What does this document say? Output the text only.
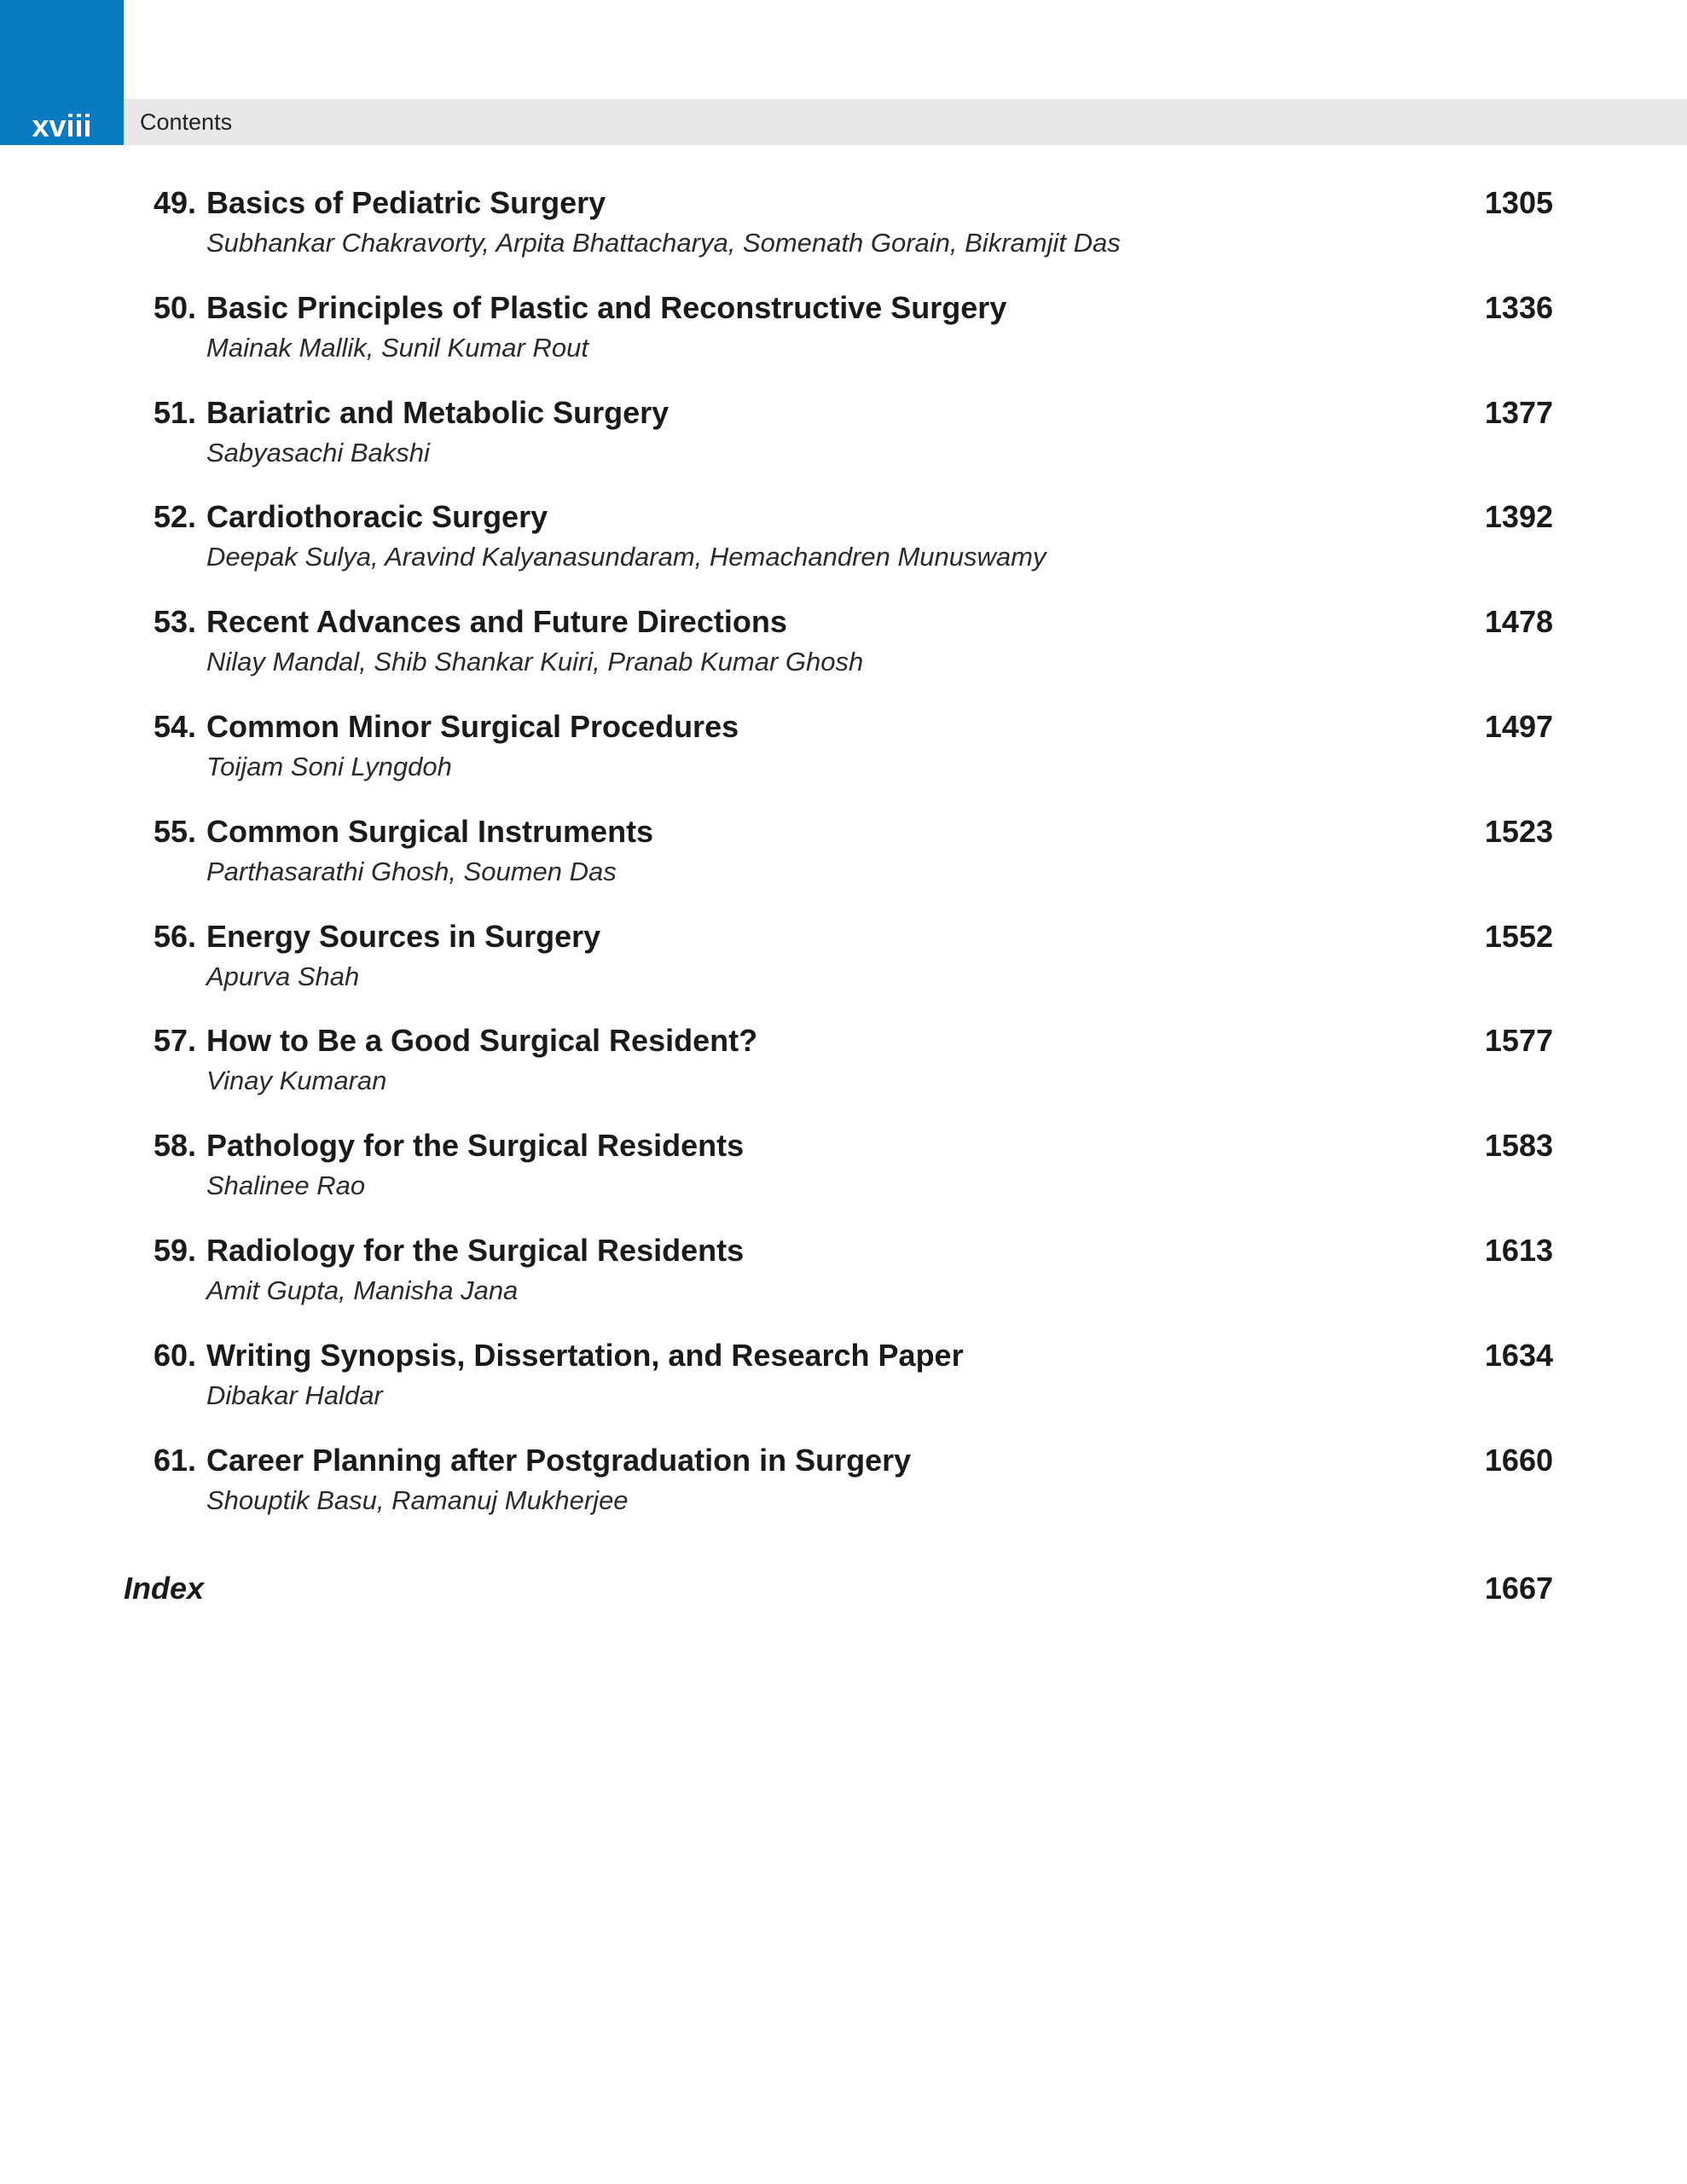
xviii	Contents
49. Basics of Pediatric Surgery	1305
Subhankar Chakravorty, Arpita Bhattacharya, Somenath Gorain, Bikramjit Das
50. Basic Principles of Plastic and Reconstructive Surgery	1336
Mainak Mallik, Sunil Kumar Rout
51. Bariatric and Metabolic Surgery	1377
Sabyasachi Bakshi
52. Cardiothoracic Surgery	1392
Deepak Sulya, Aravind Kalyanasundaram, Hemachandren Munuswamy
53. Recent Advances and Future Directions	1478
Nilay Mandal, Shib Shankar Kuiri, Pranab Kumar Ghosh
54. Common Minor Surgical Procedures	1497
Toijam Soni Lyngdoh
55. Common Surgical Instruments	1523
Parthasarathi Ghosh, Soumen Das
56. Energy Sources in Surgery	1552
Apurva Shah
57. How to Be a Good Surgical Resident?	1577
Vinay Kumaran
58. Pathology for the Surgical Residents	1583
Shalinee Rao
59. Radiology for the Surgical Residents	1613
Amit Gupta, Manisha Jana
60. Writing Synopsis, Dissertation, and Research Paper	1634
Dibakar Haldar
61. Career Planning after Postgraduation in Surgery	1660
Shouptik Basu, Ramanuj Mukherjee
Index	1667
